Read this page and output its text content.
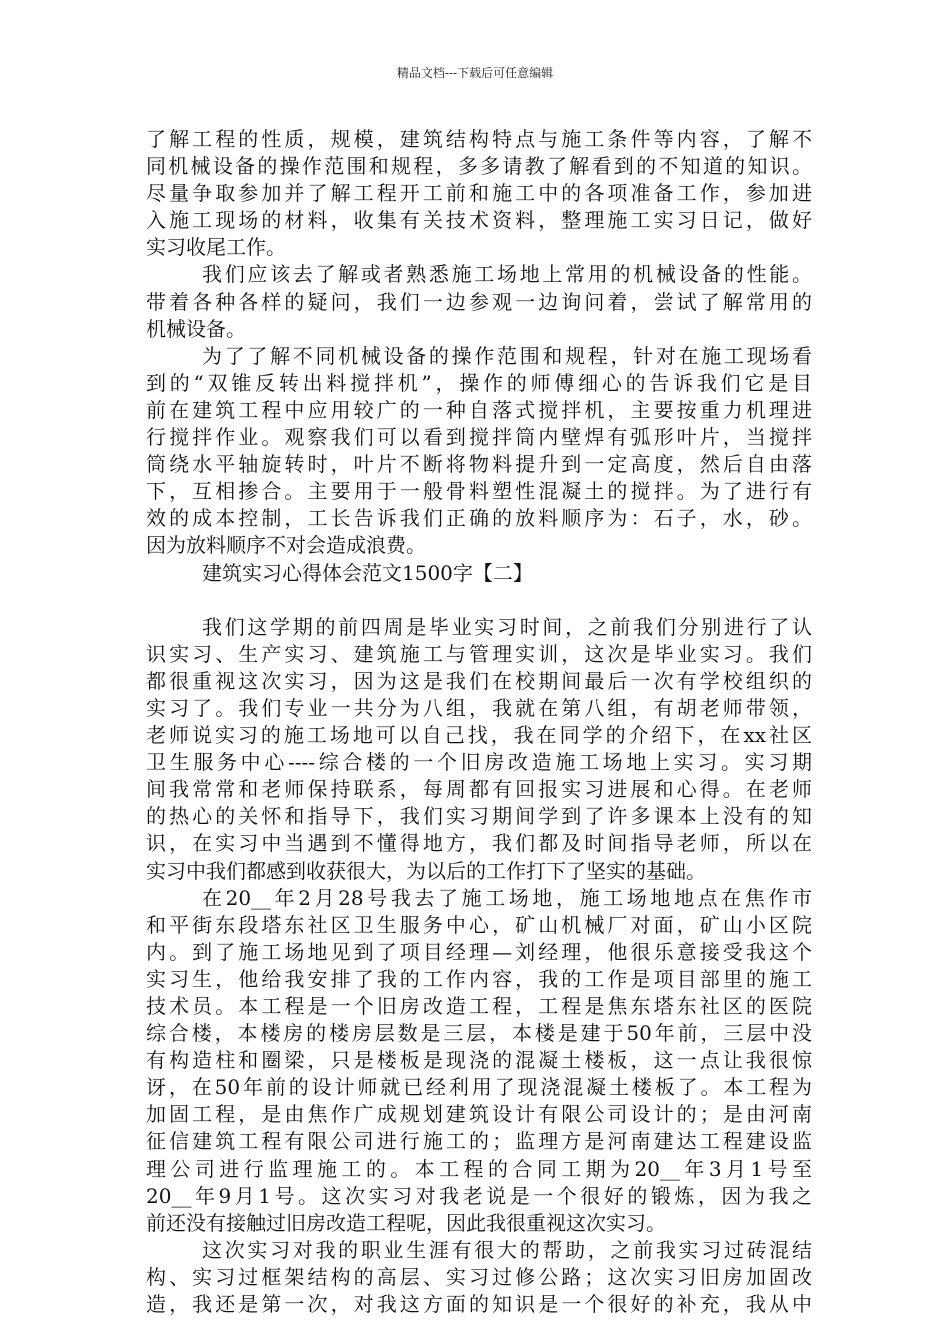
精品文档---下载后可任意编辑
了解工程的性质，规模，建筑结构特点与施工条件等内容，了解不
同机械设备的操作范围和规程，多多请教了解看到的不知道的知识。
尽量争取参加并了解工程开工前和施工中的各项准备工作，参加进
入施工现场的材料，收集有关技术资料，整理施工实习日记，做好
实习收尾工作。
我们应该去了解或者熟悉施工场地上常用的机械设备的性能。
带着各种各样的疑问，我们一边参观一边询问着，尝试了解常用的
机械设备。
为了了解不同机械设备的操作范围和规程，针对在施工现场看
到的“双锥反转出料搅拌机”，操作的师傅细心的告诉我们它是目
前在建筑工程中应用较广的一种自落式搅拌机，主要按重力机理进
行搅拌作业。观察我们可以看到搅拌筒内壁焊有弧形叶片，当搅拌
筒绕水平轴旋转时，叶片不断将物料提升到一定高度，然后自由落
下，互相掺合。主要用于一般骨料塑性混凝土的搅拌。为了进行有
效的成本控制，工长告诉我们正确的放料顺序为：石子，水，砂。
因为放料顺序不对会造成浪费。
建筑实习心得体会范文1500字【二】
我们这学期的前四周是毕业实习时间，之前我们分别进行了认
识实习、生产实习、建筑施工与管理实训，这次是毕业实习。我们
都很重视这次实习，因为这是我们在校期间最后一次有学校组织的
实习了。我们专业一共分为八组，我就在第八组，有胡老师带领，
老师说实习的施工场地可以自己找，我在同学的介绍下，在xx社区
卫生服务中心----综合楼的一个旧房改造施工场地上实习。实习期
间我常常和老师保持联系，每周都有回报实习进展和心得。在老师
的热心的关怀和指导下，我们实习期间学到了许多课本上没有的知
识，在实习中当遇到不懂得地方，我们都及时间指导老师，所以在
实习中我们都感到收获很大，为以后的工作打下了坚实的基础。
在20__年2月28号我去了施工场地，施工场地地点在焦作市
和平街东段塔东社区卫生服务中心，矿山机械厂对面，矿山小区院
内。到了施工场地见到了项目经理—刘经理，他很乐意接受我这个
实习生，他给我安排了我的工作内容，我的工作是项目部里的施工
技术员。本工程是一个旧房改造工程，工程是焦东塔东社区的医院
综合楼，本楼房的楼房层数是三层，本楼是建于50年前，三层中没
有构造柱和圈梁，只是楼板是现浇的混凝土楼板，这一点让我很惊
讶，在50年前的设计师就已经利用了现浇混凝土楼板了。本工程为
加固工程，是由焦作广成规划建筑设计有限公司设计的；是由河南
征信建筑工程有限公司进行施工的；监理方是河南建达工程建设监
理公司进行监理施工的。本工程的合同工期为20__年3月1号至
20__年9月1号。这次实习对我老说是一个很好的锻炼，因为我之
前还没有接触过旧房改造工程呢，因此我很重视这次实习。
这次实习对我的职业生涯有很大的帮助，之前我实习过砖混结
构、实习过框架结构的高层、实习过修公路；这次实习旧房加固改
造，我还是第一次，对我这方面的知识是一个很好的补充，我从中
